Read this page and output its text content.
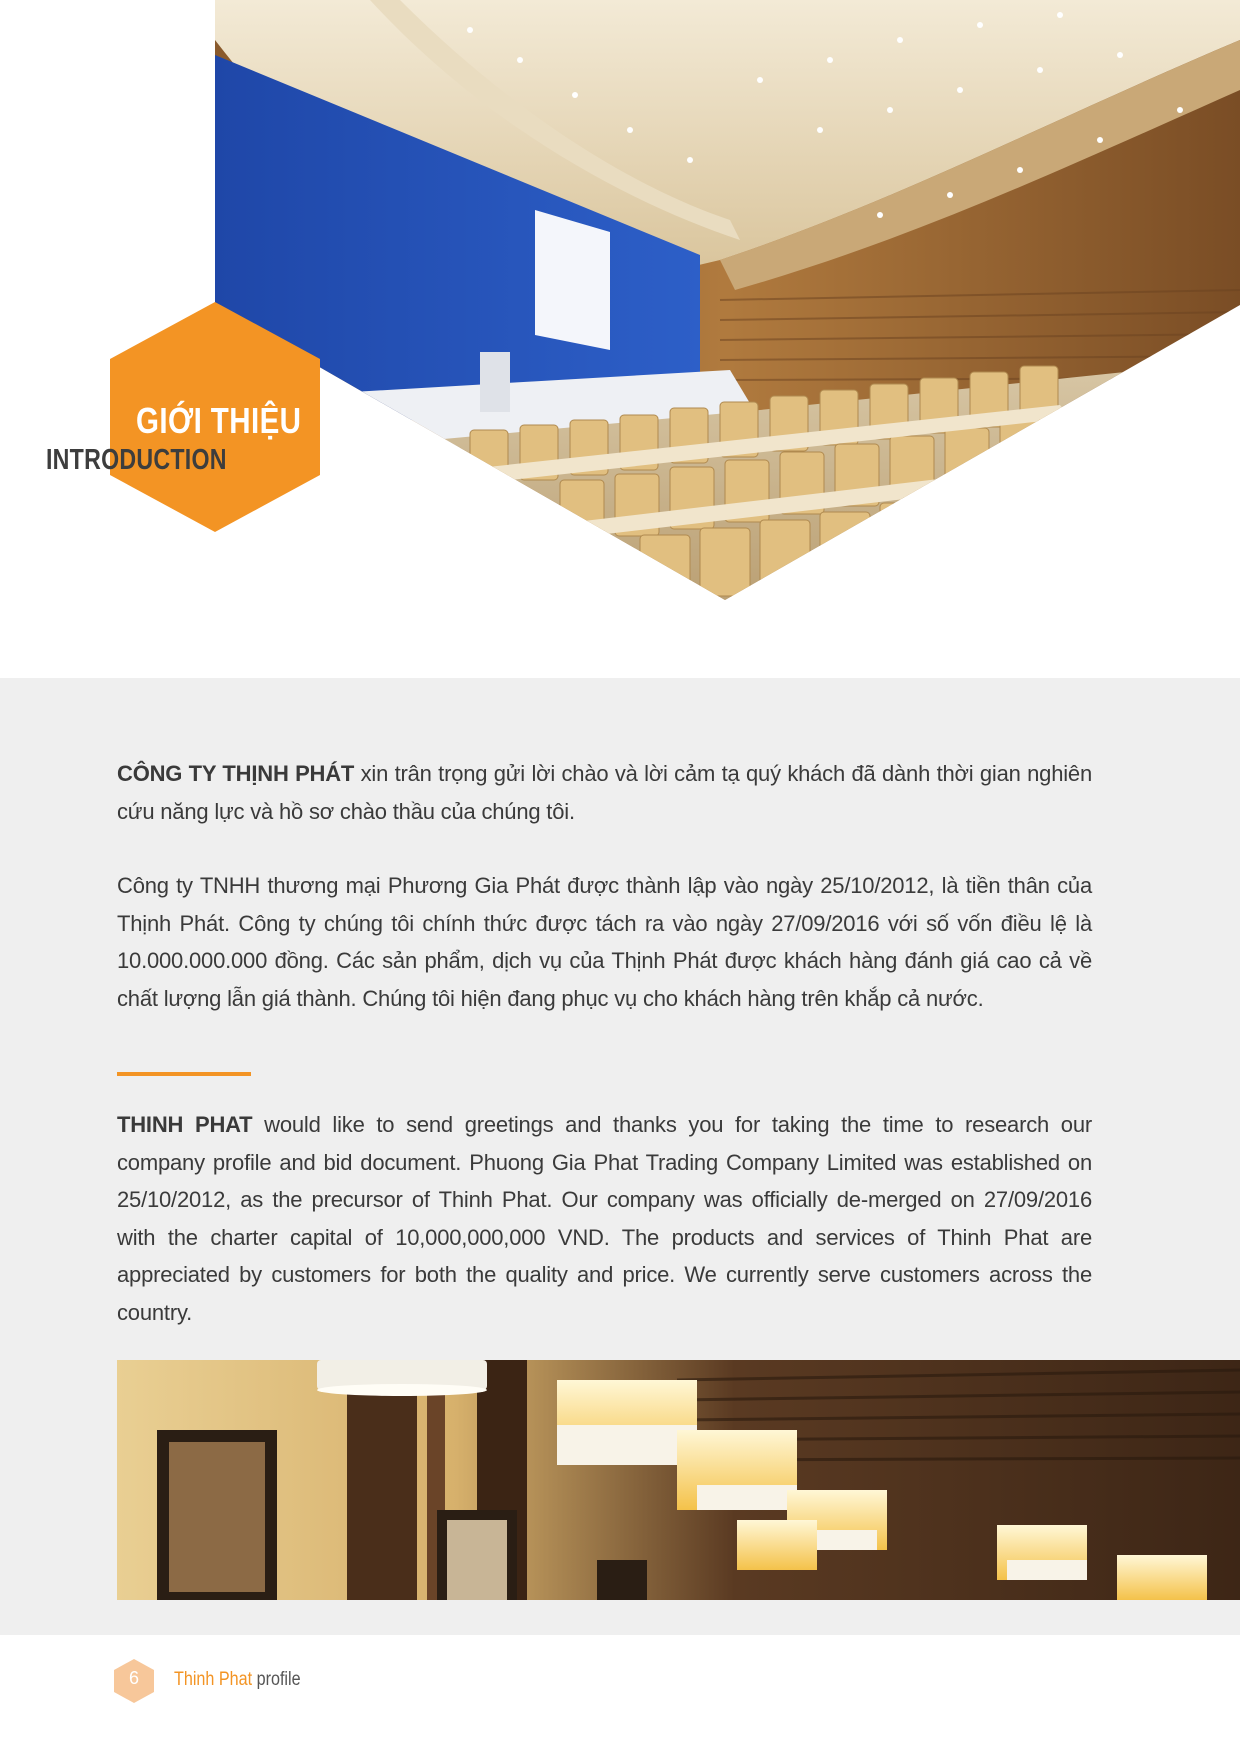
GIỚI THIỆU
INTRODUCTION

CÔNG TY THỊNH PHÁT xin trân trọng gửi lời chào và lời cảm tạ quý khách đã dành thời gian nghiên cứu năng lực và hồ sơ chào thầu của chúng tôi.

Công ty TNHH thương mại Phương Gia Phát được thành lập vào ngày 25/10/2012, là tiền thân của Thịnh Phát. Công ty chúng tôi chính thức được tách ra vào ngày 27/09/2016 với số vốn điều lệ là 10.000.000.000 đồng. Các sản phẩm, dịch vụ của Thịnh Phát được khách hàng đánh giá cao cả về chất lượng lẫn giá thành. Chúng tôi hiện đang phục vụ cho khách hàng trên khắp cả nước.

THINH PHAT would like to send greetings and thanks you for taking the time to research our company profile and bid document. Phuong Gia Phat Trading Company Limited was established on 25/10/2012, as the precursor of Thinh Phat. Our company was officially de-merged on 27/09/2016 with the charter capital of 10,000,000,000 VND. The products and services of Thinh Phat are appreciated by customers for both the quality and price. We currently serve customers across the country.

6	Thinh Phat profile
